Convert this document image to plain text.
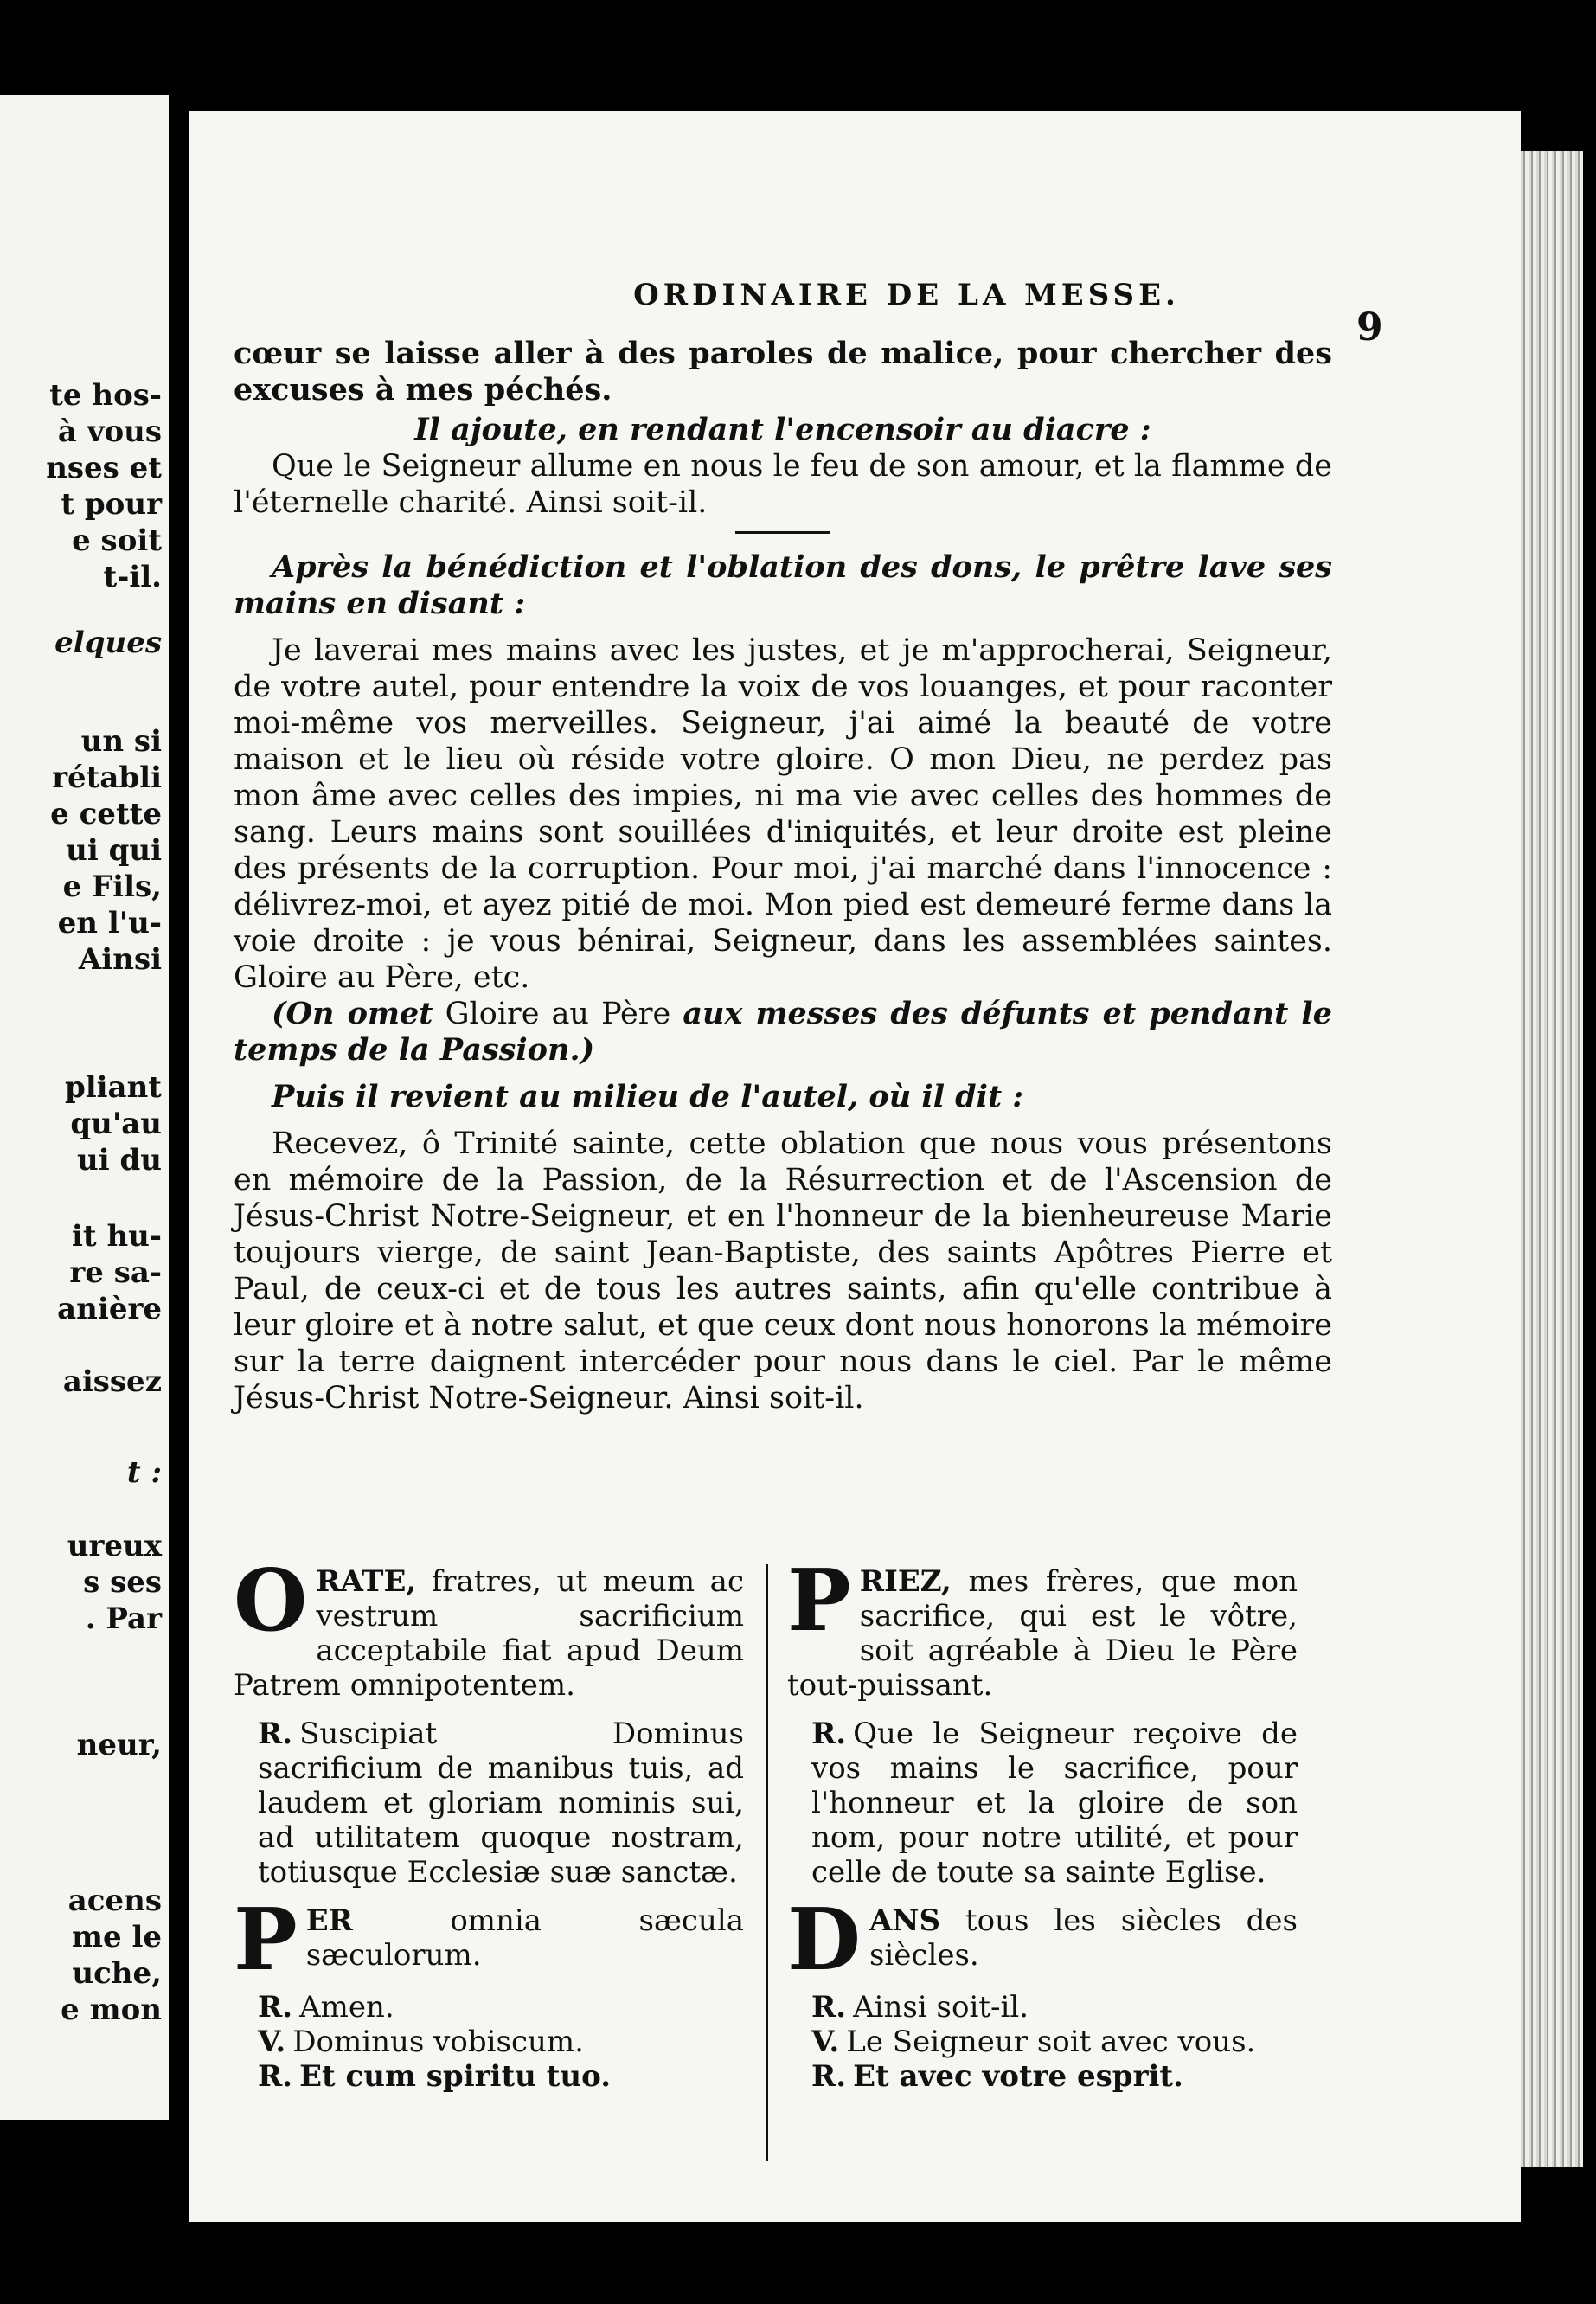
te hos-
à vous
nses et
t pour
e soit
t-il.
elques
un si
rétabli
e cette
ui qui
e Fils,
en l'u-
Ainsi
pliant
qu'au
ui du
it hu-
re sa-
anière
aissez
t :
ureux
s ses
. Par
neur,
acens
me le
uche,
e mon
ORDINAIRE DE LA MESSE.
9

cœur se laisse aller à des paroles de malice, pour chercher des excuses à mes péchés.

Il ajoute, en rendant l'encensoir au diacre :

Que le Seigneur allume en nous le feu de son amour, et la flamme de l'éternelle charité. Ainsi soit-il.

Après la bénédiction et l'oblation des dons, le prêtre lave ses mains en disant :

Je laverai mes mains avec les justes, et je m'approcherai, Seigneur, de votre autel, pour entendre la voix de vos louanges, et pour raconter moi-même vos merveilles. Seigneur, j'ai aimé la beauté de votre maison et le lieu où réside votre gloire. O mon Dieu, ne perdez pas mon âme avec celles des impies, ni ma vie avec celles des hommes de sang. Leurs mains sont souillées d'iniquités, et leur droite est pleine des présents de la corruption. Pour moi, j'ai marché dans l'innocence : délivrez-moi, et ayez pitié de moi. Mon pied est demeuré ferme dans la voie droite : je vous bénirai, Seigneur, dans les assemblées saintes. Gloire au Père, etc.

(On omet Gloire au Père aux messes des défunts et pendant le temps de la Passion.)

Puis il revient au milieu de l'autel, où il dit :

Recevez, ô Trinité sainte, cette oblation que nous vous présentons en mémoire de la Passion, de la Résurrection et de l'Ascension de Jésus-Christ Notre-Seigneur, et en l'honneur de la bienheureuse Marie toujours vierge, de saint Jean-Baptiste, des saints Apôtres Pierre et Paul, de ceux-ci et de tous les autres saints, afin qu'elle contribue à leur gloire et à notre salut, et que ceux dont nous honorons la mémoire sur la terre daignent intercéder pour nous dans le ciel. Par le même Jésus-Christ Notre-Seigneur. Ainsi soit-il.

O RATE, fratres, ut meum ac vestrum sacrificium acceptabile fiat apud Deum Patrem omnipotentem.
R. Suscipiat Dominus sacrificium de manibus tuis, ad laudem et gloriam nominis sui, ad utilitatem quoque nostram, totiusque Ecclesiæ suæ sanctæ.
P ER	omnia sæcula sæculorum.
R. Amen.
V. Dominus vobiscum.
R. Et cum spiritu tuo.
P RIEZ, mes frères, que mon sacrifice, qui est le vôtre, soit agréable à Dieu le Père tout-puissant.
R. Que le Seigneur reçoive de vos mains le sacrifice, pour l'honneur et la gloire de son nom, pour notre utilité, et pour celle de toute sa sainte Eglise.
D ANS tous les siècles des siècles.
R. Ainsi soit-il.
V. Le Seigneur soit avec vous.
R. Et avec votre esprit.
